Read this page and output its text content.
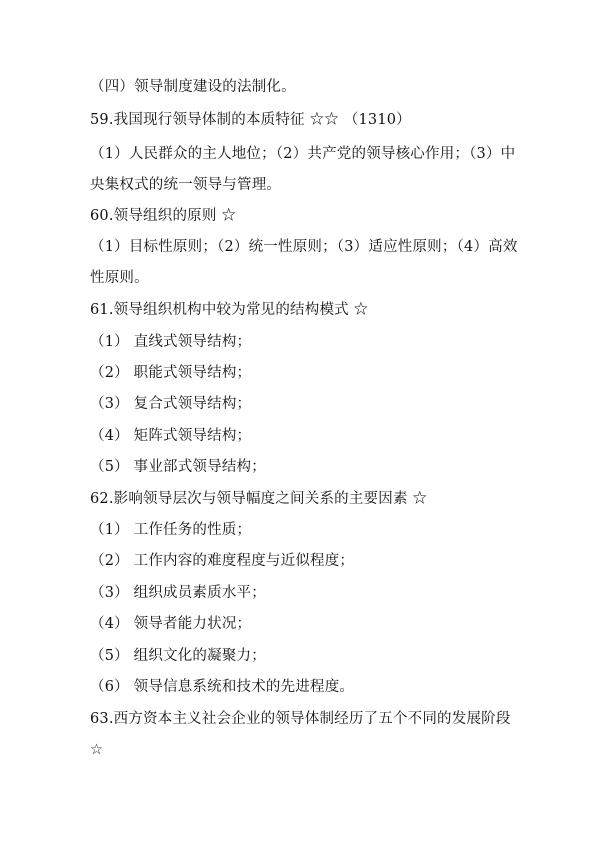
（四）领导制度建设的法制化。
59.我国现行领导体制的本质特征 ☆☆ （1310）
（1）人民群众的主人地位；（2）共产党的领导核心作用；（3）中
央集权式的统一领导与管理。
60.领导组织的原则 ☆
（1）目标性原则；（2）统一性原则；（3）适应性原则；（4）高效
性原则。
61.领导组织机构中较为常见的结构模式 ☆
（1） 直线式领导结构；
（2） 职能式领导结构；
（3） 复合式领导结构；
（4） 矩阵式领导结构；
（5） 事业部式领导结构；
62.影响领导层次与领导幅度之间关系的主要因素 ☆
（1） 工作任务的性质；
（2） 工作内容的难度程度与近似程度；
（3） 组织成员素质水平；
（4） 领导者能力状况；
（5） 组织文化的凝聚力；
（6） 领导信息系统和技术的先进程度。
63.西方资本主义社会企业的领导体制经历了五个不同的发展阶段
☆
